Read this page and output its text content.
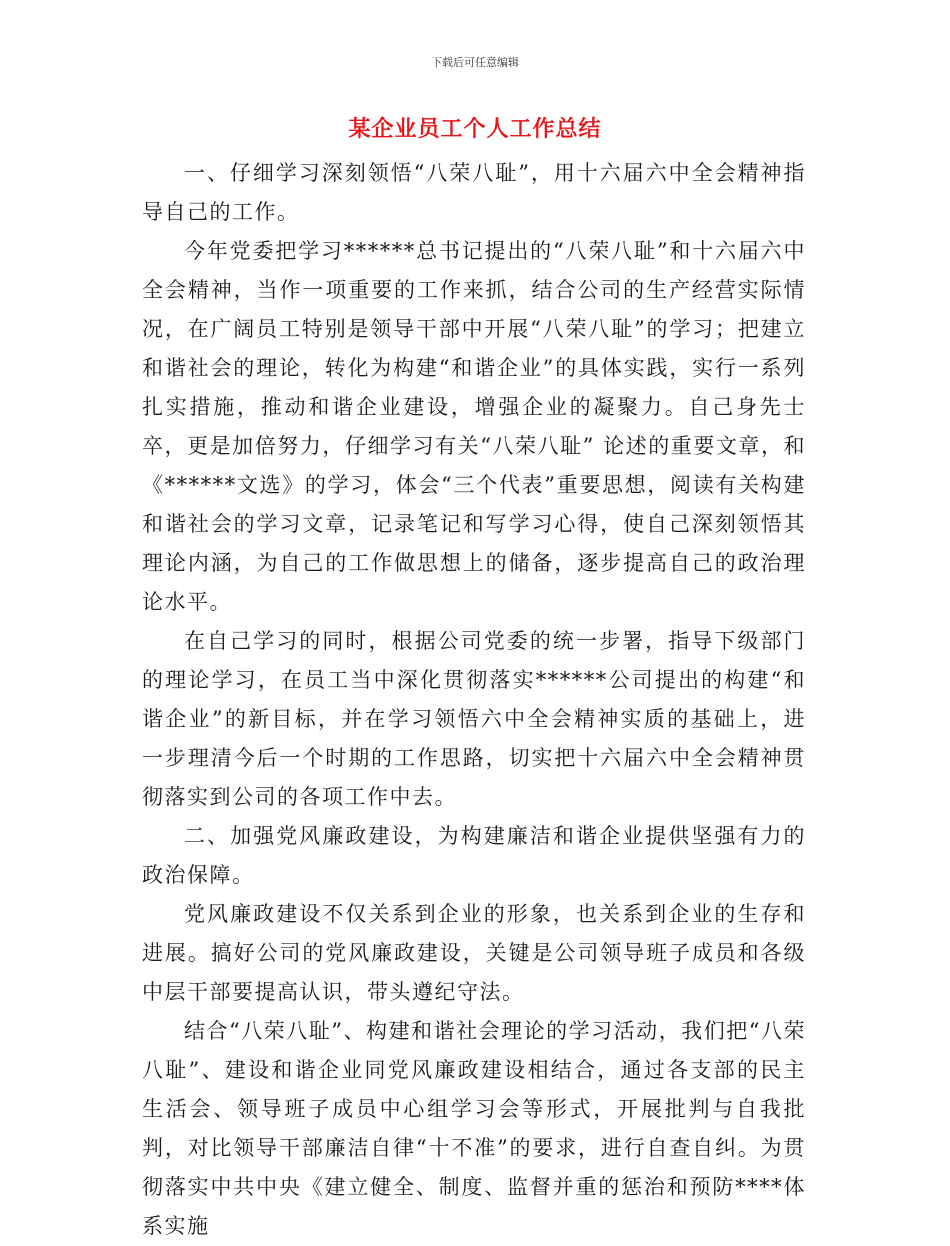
下载后可任意编辑
某企业员工个人工作总结

一、仔细学习深刻领悟“八荣八耻”，用十六届六中全会精神指导自己的工作。

今年党委把学习******总书记提出的“八荣八耻”和十六届六中全会精神，当作一项重要的工作来抓，结合公司的生产经营实际情况，在广阔员工特别是领导干部中开展“八荣八耻”的学习；把建立和谐社会的理论，转化为构建“和谐企业”的具体实践，实行一系列扎实措施，推动和谐企业建设，增强企业的凝聚力。自己身先士卒，更是加倍努力，仔细学习有关“八荣八耻” 论述的重要文章，和《******文选》的学习，体会“三个代表”重要思想，阅读有关构建和谐社会的学习文章，记录笔记和写学习心得，使自己深刻领悟其理论内涵，为自己的工作做思想上的储备，逐步提高自己的政治理论水平。

在自己学习的同时，根据公司党委的统一步署，指导下级部门的理论学习，在员工当中深化贯彻落实******公司提出的构建“和谐企业”的新目标，并在学习领悟六中全会精神实质的基础上，进一步理清今后一个时期的工作思路，切实把十六届六中全会精神贯彻落实到公司的各项工作中去。

二、加强党风廉政建设，为构建廉洁和谐企业提供坚强有力的政治保障。

党风廉政建设不仅关系到企业的形象，也关系到企业的生存和进展。搞好公司的党风廉政建设，关键是公司领导班子成员和各级中层干部要提高认识，带头遵纪守法。

结合“八荣八耻”、构建和谐社会理论的学习活动，我们把“八荣八耻”、建设和谐企业同党风廉政建设相结合，通过各支部的民主生活会、领导班子成员中心组学习会等形式，开展批判与自我批判，对比领导干部廉洁自律“十不准”的要求，进行自查自纠。为贯彻落实中共中央《建立健全、制度、监督并重的惩治和预防****体系实施
